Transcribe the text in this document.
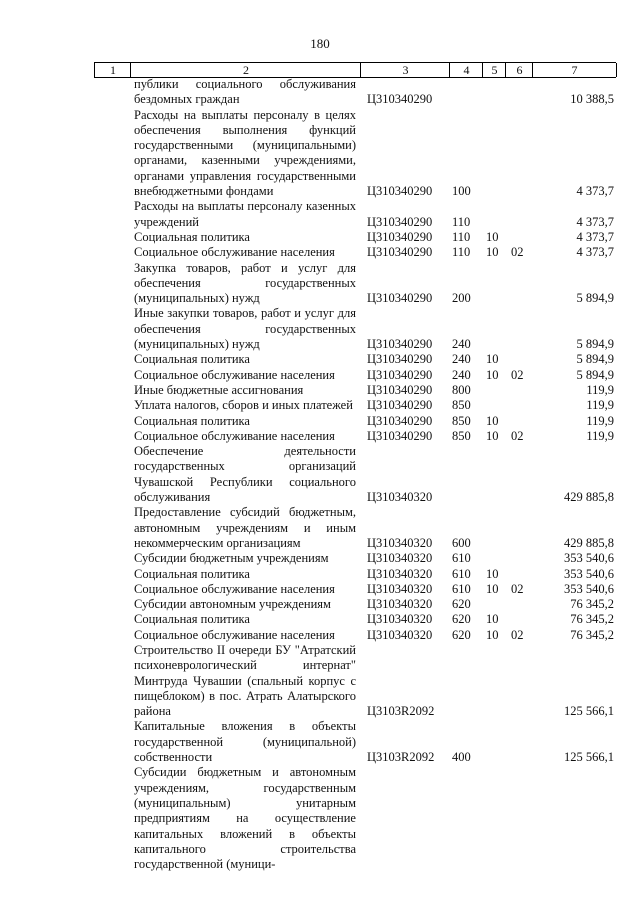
180
1	2	3	4	5	6	7
публики социального обслуживания бездомных граждан	Ц310340290	10 388,5
Расходы на выплаты персоналу в целях обеспечения выполнения функций государственными (муниципальными) органами, казенными учреждениями, органами управления государственными внебюджетными фондами	Ц310340290 100	4 373,7
Расходы на выплаты персоналу казенных учреждений	Ц310340290 110	4 373,7
Социальная политика	Ц310340290 110 10	4 373,7
Социальное обслуживание населения	Ц310340290 110 10 02	4 373,7
Закупка товаров, работ и услуг для обеспечения государственных (муниципальных) нужд	Ц310340290 200	5 894,9
Иные закупки товаров, работ и услуг для обеспечения государственных (муниципальных) нужд	Ц310340290 240	5 894,9
Социальная политика	Ц310340290 240 10	5 894,9
Социальное обслуживание населения	Ц310340290 240 10 02	5 894,9
Иные бюджетные ассигнования	Ц310340290 800	119,9
Уплата налогов, сборов и иных платежей Ц310340290 850	119,9
Социальная политика	Ц310340290 850 10	119,9
Социальное обслуживание населения	Ц310340290 850 10 02	119,9
Обеспечение деятельности государственных организаций Чувашской Республики социального обслуживания	Ц310340320	429 885,8
Предоставление субсидий бюджетным, автономным учреждениям и иным некоммерческим организациям	Ц310340320 600	429 885,8
Субсидии бюджетным учреждениям	Ц310340320 610	353 540,6
Социальная политика	Ц310340320 610 10	353 540,6
Социальное обслуживание населения	Ц310340320 610 10 02	353 540,6
Субсидии автономным учреждениям	Ц310340320 620	76 345,2
Социальная политика	Ц310340320 620 10	76 345,2
Социальное обслуживание населения	Ц310340320 620 10 02	76 345,2
Строительство II очереди БУ "Атратский психоневрологический интернат" Минтруда Чувашии (спальный корпус с пищеблоком) в пос. Атрать Алатырского района	Ц3103R2092	125 566,1
Капитальные вложения в объекты государственной (муниципальной) собственности	Ц3103R2092 400	125 566,1
Субсидии бюджетным и автономным учреждениям, государственным (муниципальным) унитарным предприятиям на осуществление капитальных вложений в объекты капитального строительства государственной (муници-
